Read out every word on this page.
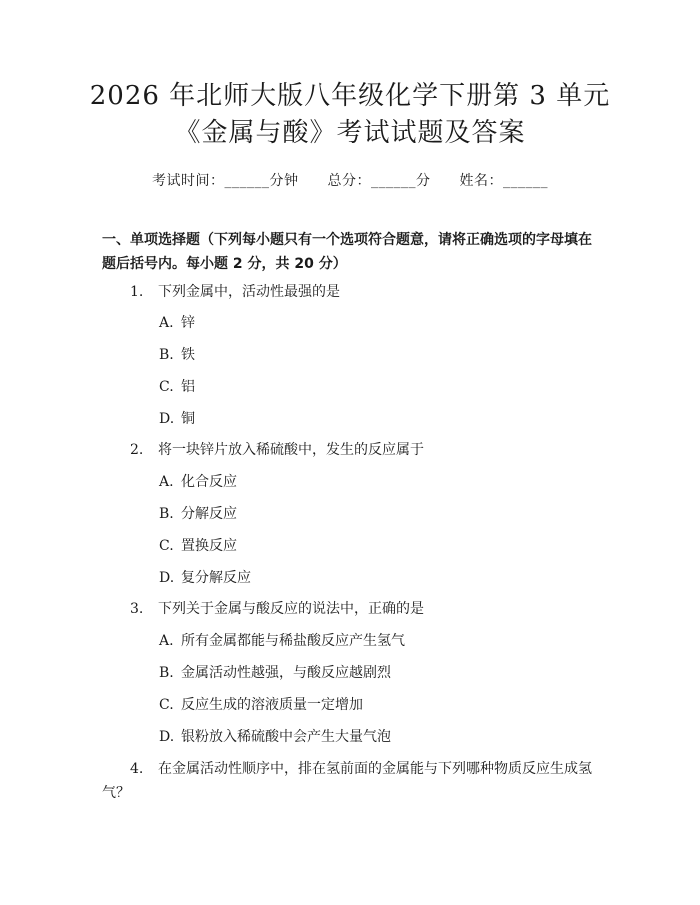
2026 年北师大版八年级化学下册第 3 单元
《金属与酸》考试试题及答案
考试时间：______分钟 总分：______分 姓名：______

一、单项选择题（下列每小题只有一个选项符合题意，请将正确选项的字母填在题后括号内。每小题 2 分，共 20 分）

1. 下列金属中，活动性最强的是
A. 锌
B. 铁
C. 铝
D. 铜
2. 将一块锌片放入稀硫酸中，发生的反应属于
A. 化合反应
B. 分解反应
C. 置换反应
D. 复分解反应
3. 下列关于金属与酸反应的说法中，正确的是
A. 所有金属都能与稀盐酸反应产生氢气
B. 金属活动性越强，与酸反应越剧烈
C. 反应生成的溶液质量一定增加
D. 银粉放入稀硫酸中会产生大量气泡
4. 在金属活动性顺序中，排在氢前面的金属能与下列哪种物质反应生成氢气？
